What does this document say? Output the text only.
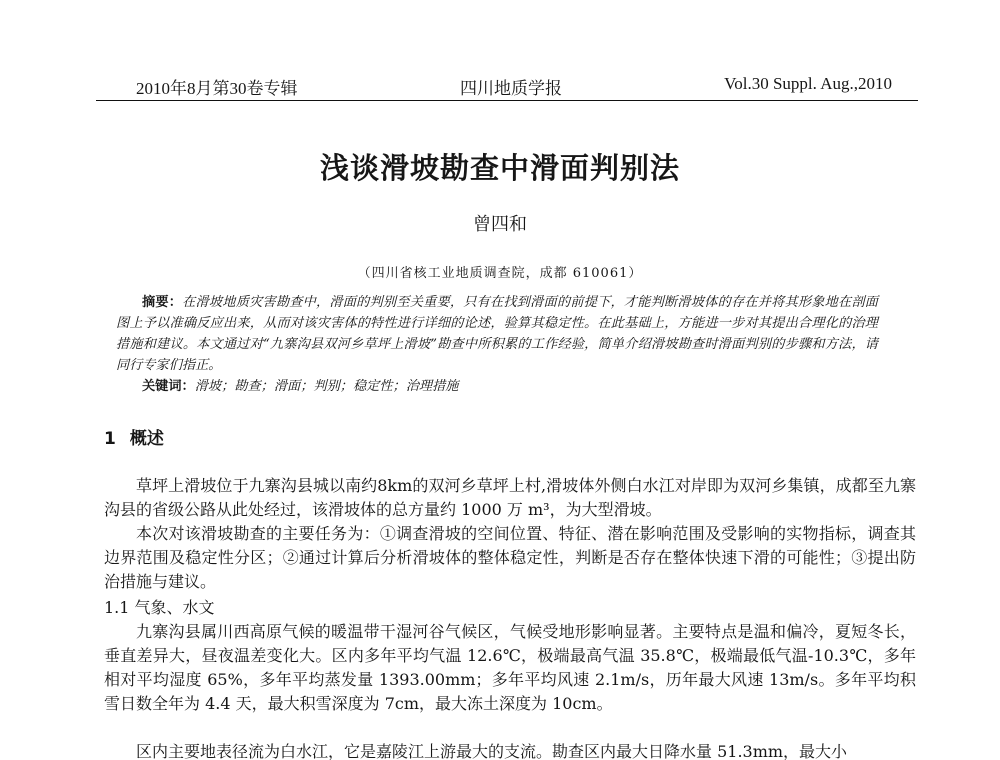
2010年8月第30卷专辑	四川地质学报	Vol.30 Suppl. Aug.,2010
浅谈滑坡勘查中滑面判别法
曾四和
（四川省核工业地质调查院，成都 610061）
摘要：在滑坡地质灾害勘查中，滑面的判别至关重要，只有在找到滑面的前提下，才能判断滑坡体的存在并将其形象地在剖面图上予以准确反应出来，从而对该灾害体的特性进行详细的论述，验算其稳定性。在此基础上，方能进一步对其提出合理化的治理措施和建议。本文通过对“九寨沟县双河乡草坪上滑坡”勘查中所积累的工作经验，简单介绍滑坡勘查时滑面判别的步骤和方法，请同行专家们指正。
关键词：滑坡；勘查；滑面；判别；稳定性；治理措施
1 概述
草坪上滑坡位于九寨沟县城以南约8km的双河乡草坪上村,滑坡体外侧白水江对岸即为双河乡集镇，成都至九寨沟县的省级公路从此处经过，该滑坡体的总方量约 1000 万 m³，为大型滑坡。
本次对该滑坡勘查的主要任务为：①调查滑坡的空间位置、特征、潜在影响范围及受影响的实物指标，调查其边界范围及稳定性分区；②通过计算后分析滑坡体的整体稳定性，判断是否存在整体快速下滑的可能性；③提出防治措施与建议。
1.1 气象、水文
九寨沟县属川西高原气候的暖温带干湿河谷气候区，气候受地形影响显著。主要特点是温和偏冷，夏短冬长，垂直差异大，昼夜温差变化大。区内多年平均气温 12.6℃，极端最高气温 35.8℃，极端最低气温-10.3℃，多年相对平均湿度 65%，多年平均蒸发量 1393.00mm；多年平均风速 2.1m/s，历年最大风速 13m/s。多年平均积雪日数全年为 4.4 天，最大积雪深度为 7cm，最大冻土深度为 10cm。
区内主要地表径流为白水江，它是嘉陵江上游最大的支流。勘查区内最大日降水量 51.3mm，最大小
